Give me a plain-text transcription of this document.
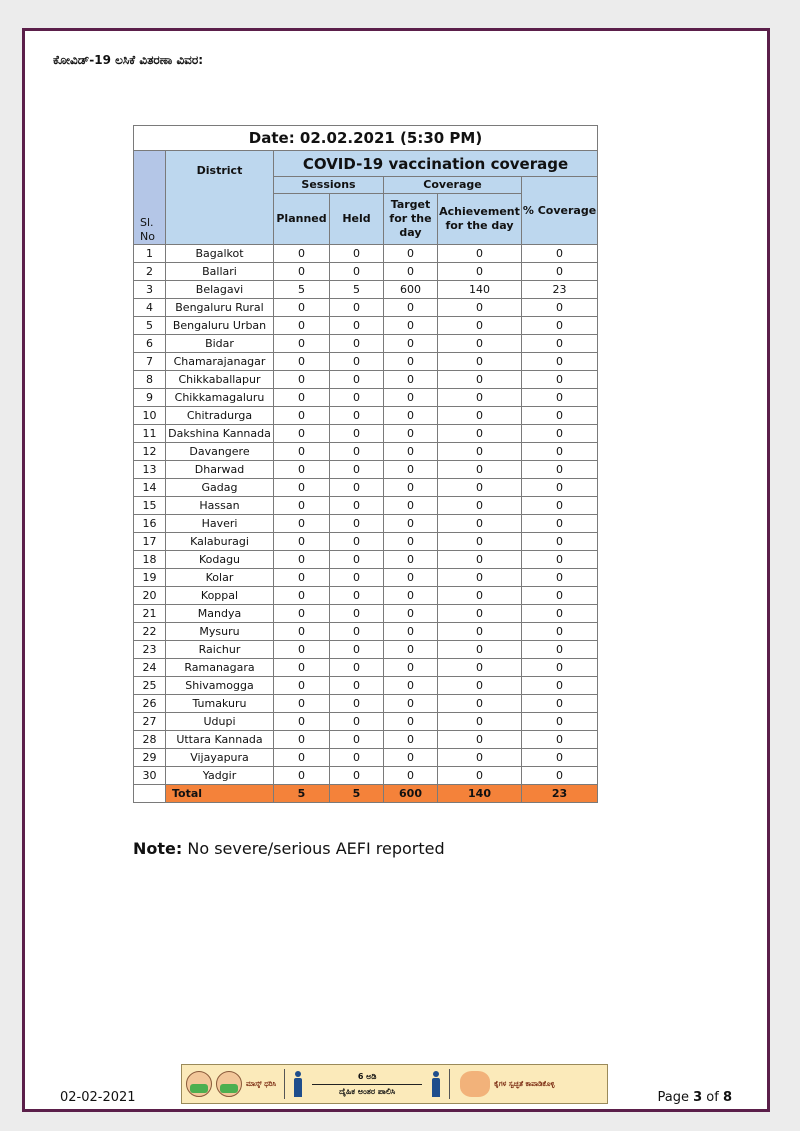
ಕೋವಿಡ್-19 ಲಸಿಕೆ ವಿತರಣಾ ವಿವರ:
Date: 02.02.2021 (5:30 PM)						
Sl. No	District	COVID-19 vaccination coverage				
		Sessions		Coverage		% Coverage
		Planned	Held	Target for the day	Achievement for the day	
1	Bagalkot	0	0	0	0	0
2	Ballari	0	0	0	0	0
3	Belagavi	5	5	600	140	23
4	Bengaluru Rural	0	0	0	0	0
5	Bengaluru Urban	0	0	0	0	0
6	Bidar	0	0	0	0	0
7	Chamarajanagar	0	0	0	0	0
8	Chikkaballapur	0	0	0	0	0
9	Chikkamagaluru	0	0	0	0	0
10	Chitradurga	0	0	0	0	0
11	Dakshina Kannada	0	0	0	0	0
12	Davangere	0	0	0	0	0
13	Dharwad	0	0	0	0	0
14	Gadag	0	0	0	0	0
15	Hassan	0	0	0	0	0
16	Haveri	0	0	0	0	0
17	Kalaburagi	0	0	0	0	0
18	Kodagu	0	0	0	0	0
19	Kolar	0	0	0	0	0
20	Koppal	0	0	0	0	0
21	Mandya	0	0	0	0	0
22	Mysuru	0	0	0	0	0
23	Raichur	0	0	0	0	0
24	Ramanagara	0	0	0	0	0
25	Shivamogga	0	0	0	0	0
26	Tumakuru	0	0	0	0	0
27	Udupi	0	0	0	0	0
28	Uttara Kannada	0	0	0	0	0
29	Vijayapura	0	0	0	0	0
30	Yadgir	0	0	0	0	0
	Total	5	5	600	140	23
Note: No severe/serious AEFI reported
ಮಾಸ್ಕ್ ಧರಿಸಿ
6 ಅಡಿ
ದೈಹಿಕ ಅಂತರ ಪಾಲಿಸಿ
ಕೈಗಳ ಸ್ವಚ್ಛತೆ ಕಾಪಾಡಿಕೊಳ್ಳಿ
02-02-2021	Page 3 of 8
